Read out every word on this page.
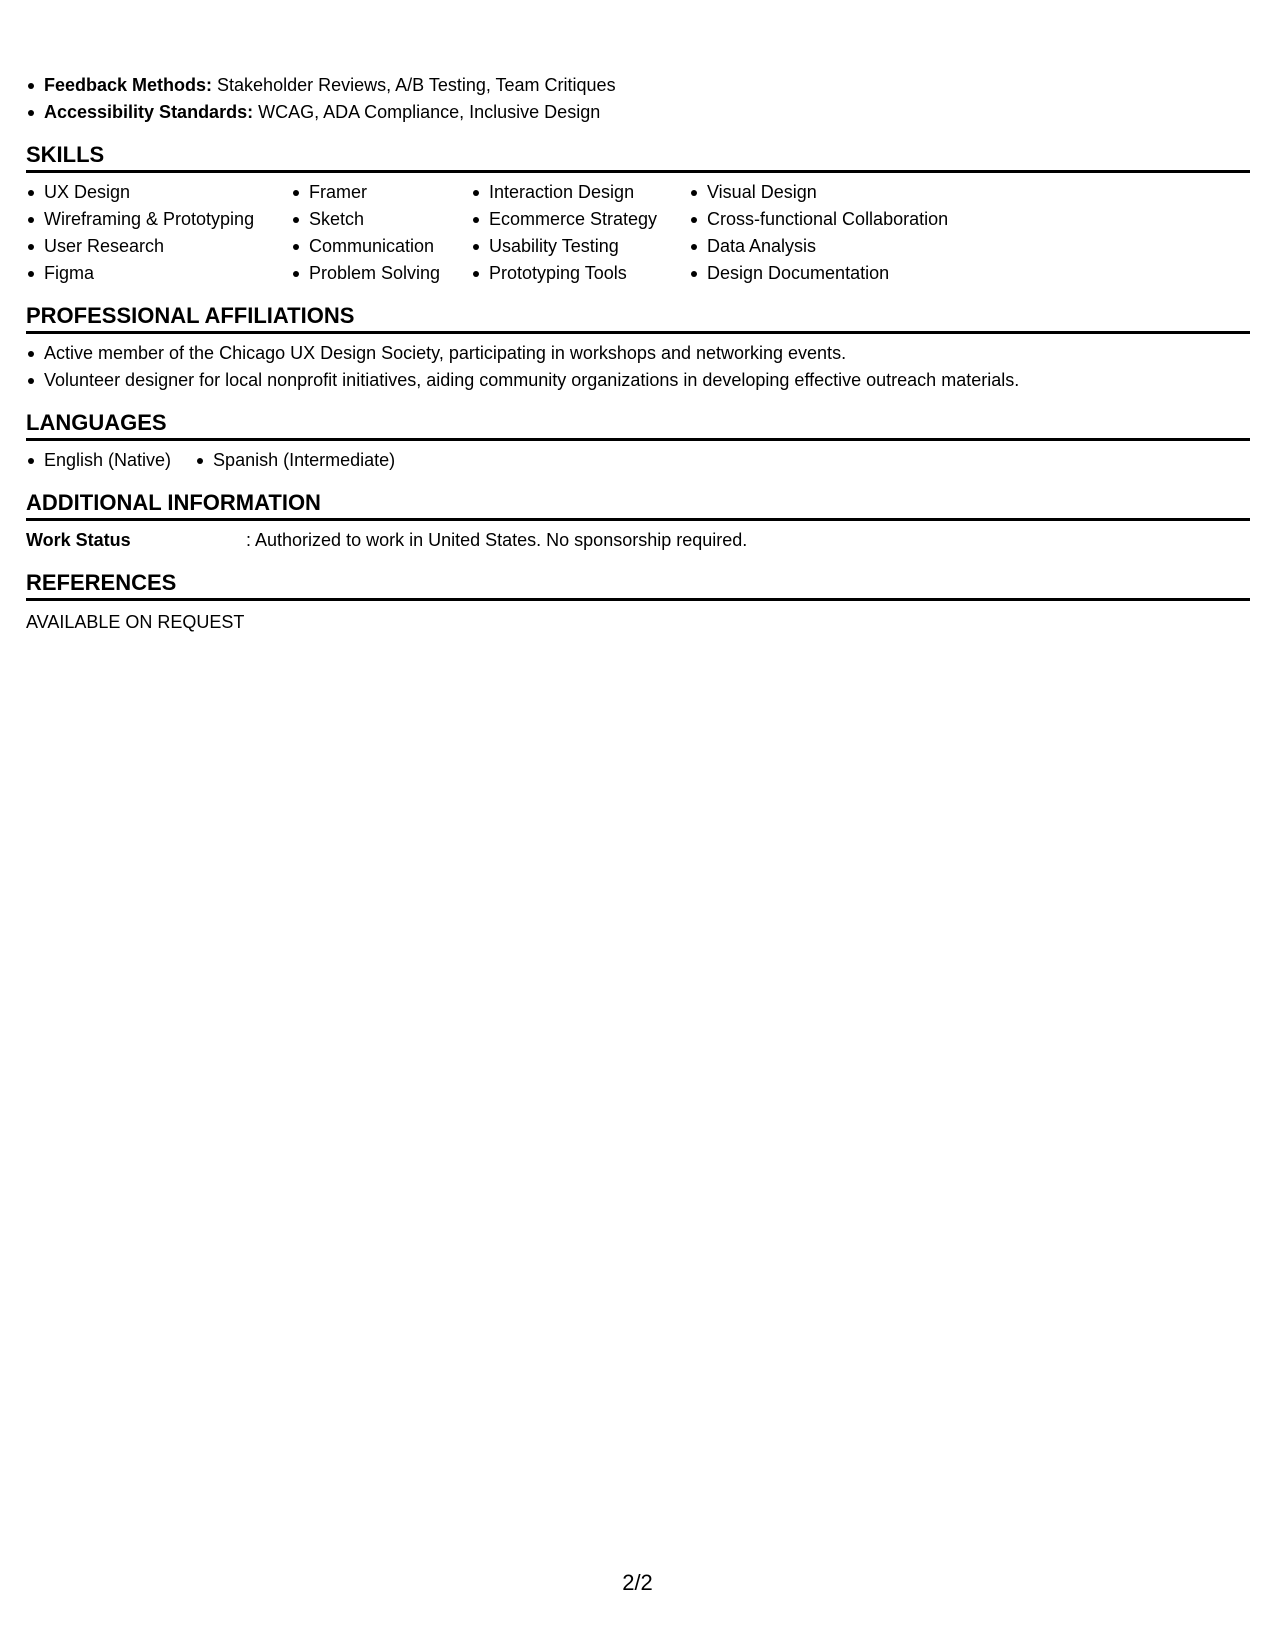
Feedback Methods: Stakeholder Reviews, A/B Testing, Team Critiques
Accessibility Standards: WCAG, ADA Compliance, Inclusive Design
SKILLS
UX Design
Wireframing & Prototyping
User Research
Figma
Framer
Sketch
Communication
Problem Solving
Interaction Design
Ecommerce Strategy
Usability Testing
Prototyping Tools
Visual Design
Cross-functional Collaboration
Data Analysis
Design Documentation
PROFESSIONAL AFFILIATIONS
Active member of the Chicago UX Design Society, participating in workshops and networking events.
Volunteer designer for local nonprofit initiatives, aiding community organizations in developing effective outreach materials.
LANGUAGES
English (Native)	Spanish (Intermediate)
ADDITIONAL INFORMATION
Work Status	: Authorized to work in United States. No sponsorship required.
REFERENCES
AVAILABLE ON REQUEST
2/2
